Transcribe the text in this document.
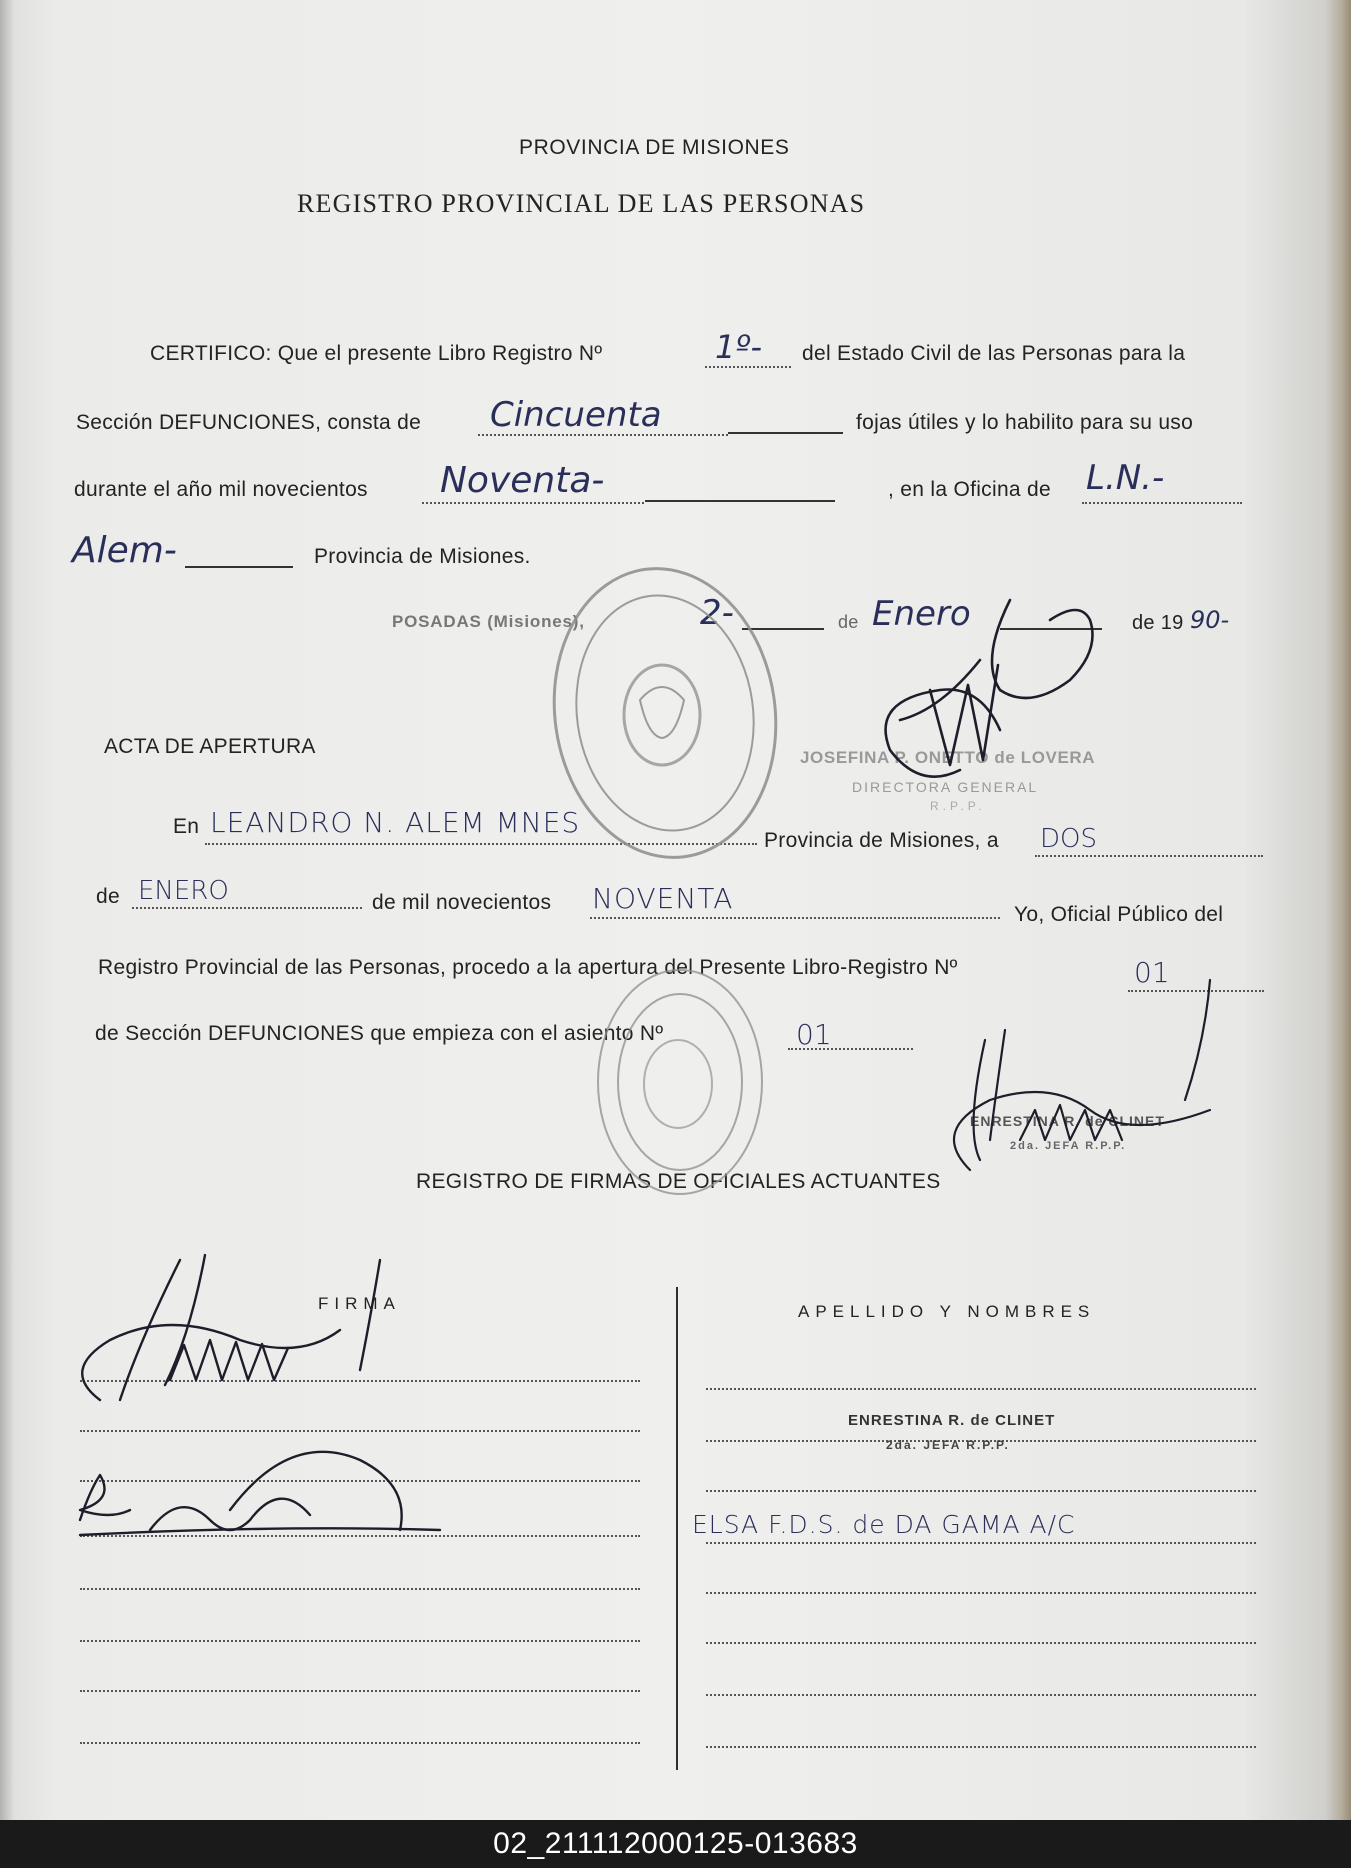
PROVINCIA DE MISIONES
REGISTRO PROVINCIAL DE LAS PERSONAS
CERTIFICO: Que el presente Libro Registro Nº	1º- del Estado Civil de las Personas para la
Sección DEFUNCIONES, consta de Cincuenta	fojas útiles y lo habilito para su uso
durante el año mil novecientos Noventa-	, en la Oficina de L.N.-
Alem-	Provincia de Misiones.
POSADAS (Misiones),	2-	de Enero	de 19 90-
ACTA DE APERTURA
En LEANDRO N. ALEM MNES
Provincia de Misiones, a DOS
de ENERO	de mil novecientos NOVENTA	Yo, Oficial Público del
Registro Provincial de las Personas, procedo a la apertura del Presente Libro-Registro Nº	01
de Sección DEFUNCIONES que empieza con el asiento Nº	01
JOSEFINA P. ONETTO de LOVERA
DIRECTORA GENERAL
R.P.P.
ENRESTINA R. de CLINET
2da. JEFA R.P.P.
REGISTRO DE FIRMAS DE OFICIALES ACTUANTES
FIRMA	APELLIDO Y NOMBRES
ENRESTINA R. de CLINET
2da. JEFA R.P.P.
ELSA F.D.S. de DA GAMA A/C
02_211112000125-013683
